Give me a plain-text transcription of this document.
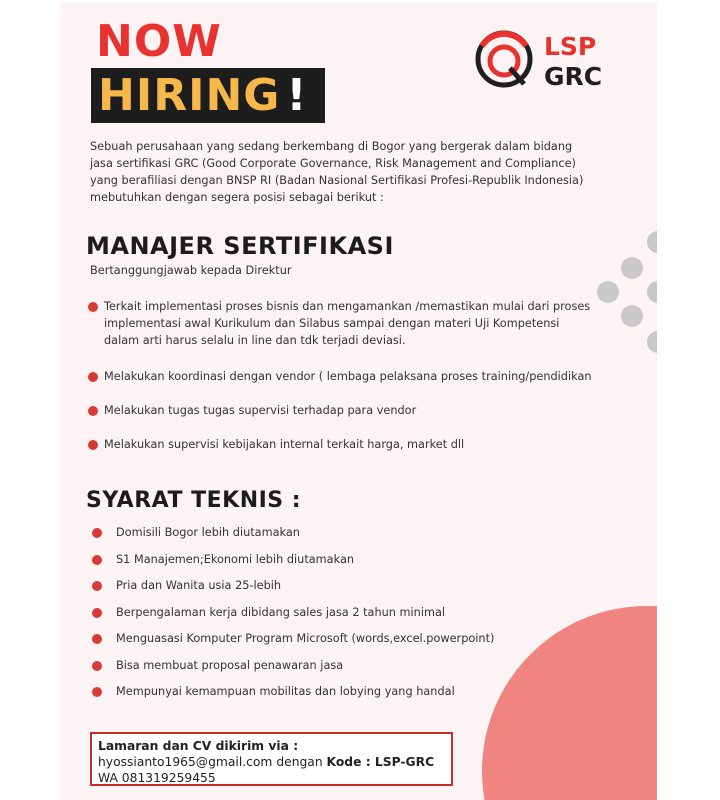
NOW
HIRING !
LSP
GRC
Sebuah perusahaan yang sedang berkembang di Bogor yang bergerak dalam bidang
jasa sertifikasi GRC (Good Corporate Governance, Risk Management and Compliance)
yang berafiliasi dengan BNSP RI (Badan Nasional Sertifikasi Profesi-Republik Indonesia)
mebutuhkan dengan segera posisi sebagai berikut :
MANAJER SERTIFIKASI
Bertanggungjawab kepada Direktur
Terkait implementasi proses bisnis dan mengamankan /memastikan mulai dari proses
implementasi awal Kurikulum dan Silabus sampai dengan materi Uji Kompetensi
dalam arti harus selalu in line dan tdk terjadi deviasi.
Melakukan koordinasi dengan vendor ( lembaga pelaksana proses training/pendidikan
Melakukan tugas tugas supervisi terhadap para vendor
Melakukan supervisi kebijakan internal terkait harga, market dll
SYARAT TEKNIS :
Domisili Bogor lebih diutamakan
S1 Manajemen;Ekonomi lebih diutamakan
Pria dan Wanita usia 25-lebih
Berpengalaman kerja dibidang sales jasa 2 tahun minimal
Menguasasi Komputer Program Microsoft (words,excel.powerpoint)
Bisa membuat proposal penawaran jasa
Mempunyai kemampuan mobilitas dan lobying yang handal
Lamaran dan CV dikirim via :
hyossianto1965@gmail.com dengan Kode : LSP-GRC
WA 081319259455
